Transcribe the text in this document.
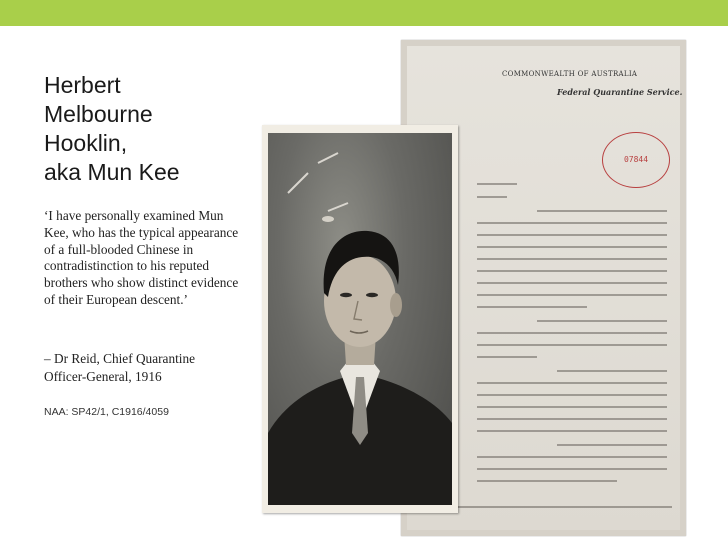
Herbert
Melbourne
Hooklin,
aka Mun Kee
‘I have personally examined Mun Kee, who has the typical appearance of a full-blooded Chinese in contradistinction to his reputed brothers who show distinct evidence of their European descent.’
– Dr Reid, Chief Quarantine
Officer-General, 1916
NAA: SP42/1, C1916/4059
COMMONWEALTH OF AUSTRALIA
Federal Quarantine Service.
07844
